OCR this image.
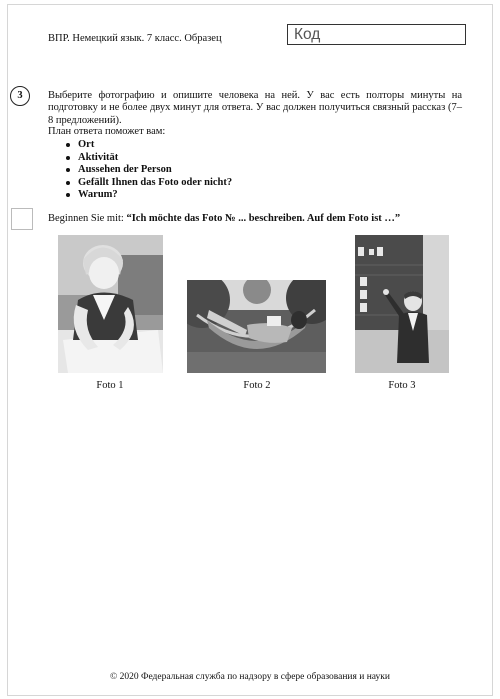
ВПР. Немецкий язык. 7 класс. Образец	Код
3	Выберите фотографию и опишите человека на ней. У вас есть полторы минуты на подготовку и не более двух минут для ответа. У вас должен получиться связный рассказ (7–8 предложений).
План ответа поможет вам:
Ort
Aktivität
Aussehen der Person
Gefällt Ihnen das Foto oder nicht?
Warum?
Beginnen Sie mit: “Ich möchte das Foto № ... beschreiben. Auf dem Foto ist …”
Foto 1	Foto 2	Foto 3
© 2020 Федеральная служба по надзору в сфере образования и науки
